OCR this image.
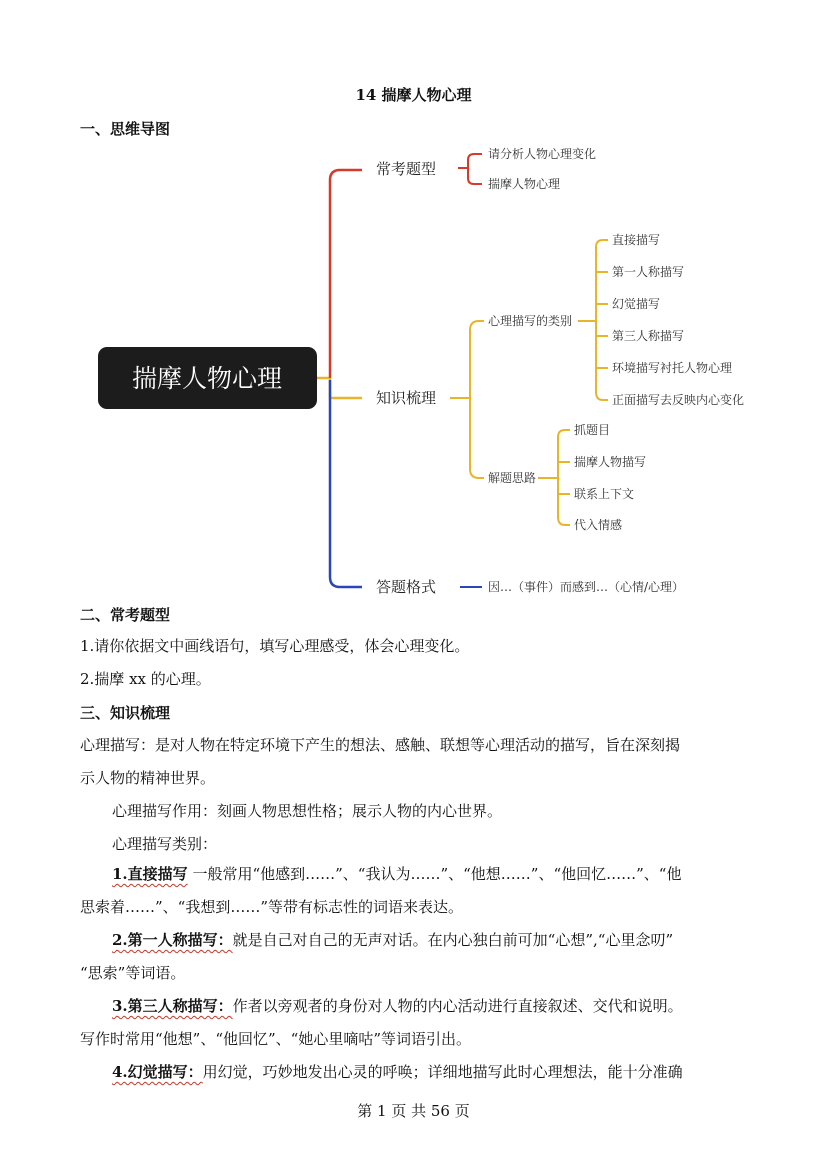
14 揣摩人物心理
一、思维导图
揣摩人物心理
常考题型
知识梳理
答题格式
请分析人物心理变化
揣摩人物心理
心理描写的类别
解题思路
直接描写
第一人称描写
幻觉描写
第三人称描写
环境描写衬托人物心理
正面描写去反映内心变化
抓题目
揣摩人物描写
联系上下文
代入情感
因…（事件）而感到…（心情/心理）
二、常考题型
1.请你依据文中画线语句，填写心理感受，体会心理变化。
2.揣摩 xx 的心理。
三、知识梳理
心理描写：是对人物在特定环境下产生的想法、感触、联想等心理活动的描写，旨在深刻揭
示人物的精神世界。
心理描写作用：刻画人物思想性格；展示人物的内心世界。
心理描写类别：
1.直接描写 一般常用“他感到……”、“我认为……”、“他想……”、“他回忆……”、“他
思索着……”、“我想到……”等带有标志性的词语来表达。
2.第一人称描写：就是自己对自己的无声对话。在内心独白前可加“心想”,“心里念叨”
“思索”等词语。
3.第三人称描写：作者以旁观者的身份对人物的内心活动进行直接叙述、交代和说明。
写作时常用“他想”、“他回忆”、“她心里嘀咕”等词语引出。
4.幻觉描写：用幻觉，巧妙地发出心灵的呼唤；详细地描写此时心理想法，能十分准确
第 1 页 共 56 页
